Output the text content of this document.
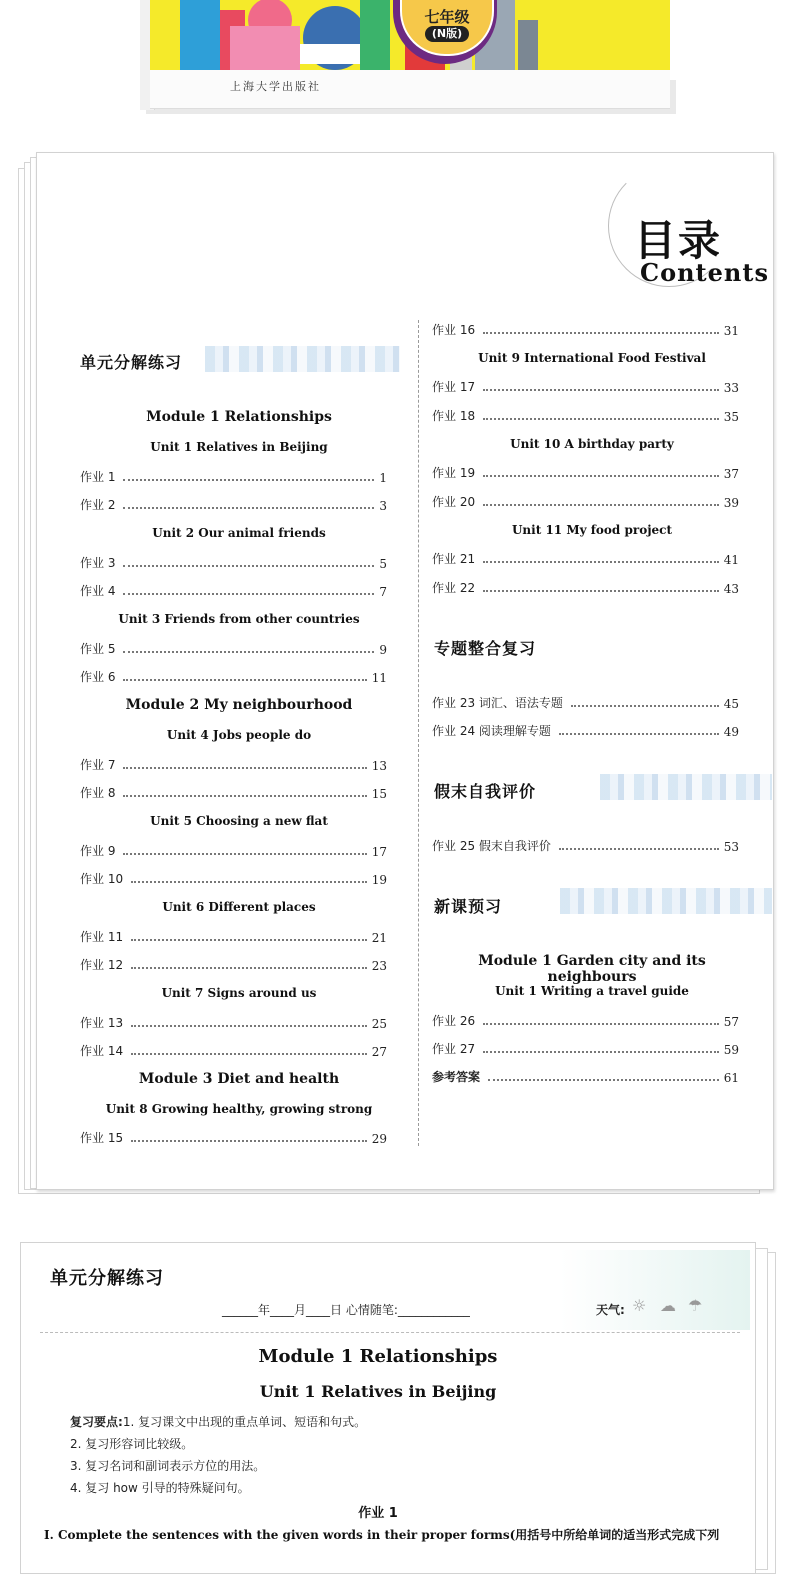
七年级
(N版)
上海大学出版社
目录
Contents
单元分解练习
Module 1 Relationships
Unit 1 Relatives in Beijing
作业 1	1
作业 2	3
Unit 2 Our animal friends
作业 3	5
作业 4	7
Unit 3 Friends from other countries
作业 5	9
作业 6	11
Module 2 My neighbourhood
Unit 4 Jobs people do
作业 7	13
作业 8	15
Unit 5 Choosing a new flat
作业 9	17
作业 10	19
Unit 6 Different places
作业 11	21
作业 12	23
Unit 7 Signs around us
作业 13	25
作业 14	27
Module 3 Diet and health
Unit 8 Growing healthy, growing strong
作业 15	29
作业 16	31
Unit 9 International Food Festival
作业 17	33
作业 18	35
Unit 10 A birthday party
作业 19	37
作业 20	39
Unit 11 My food project
作业 21	41
作业 22	43
专题整合复习
作业 23 词汇、语法专题	45
作业 24 阅读理解专题	49
假末自我评价
作业 25 假末自我评价	53
新课预习
Module 1 Garden city and its neighbours
Unit 1 Writing a travel guide
作业 26	57
作业 27	59
参考答案	61
单元分解练习
______年____月____日 心情随笔:____________	天气: ☼ ☁ ☂
Module 1 Relationships
Unit 1 Relatives in Beijing
复习要点:1. 复习课文中出现的重点单词、短语和句式。
2. 复习形容词比较级。
3. 复习名词和副词表示方位的用法。
4. 复习 how 引导的特殊疑问句。
作业 1
Ⅰ. Complete the sentences with the given words in their proper forms(用括号中所给单词的适当形式完成下列
